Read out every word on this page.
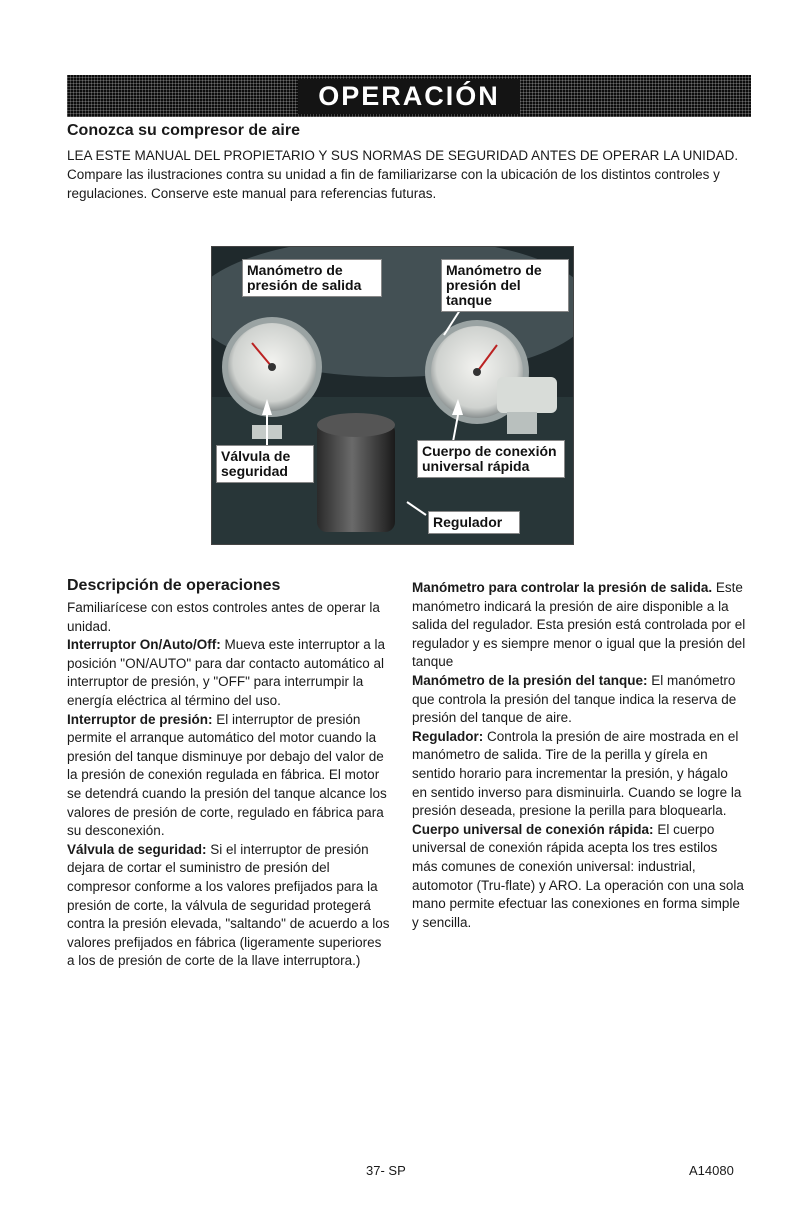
OPERACIÓN
Conozca su compresor de aire

LEA ESTE MANUAL DEL PROPIETARIO Y SUS NORMAS DE SEGURIDAD ANTES DE OPERAR LA UNIDAD. Compare las ilustraciones contra su unidad a fin de familiarizarse con la ubicación de los distintos controles y regulaciones. Conserve este manual para referencias futuras.

Manómetro de presión de salida
Manómetro de presión del tanque
Válvula de seguridad
Cuerpo de conexión universal rápida
Regulador
Descripción de operaciones

Familiarícese con estos controles antes de operar la unidad.

Interruptor On/Auto/Off: Mueva este interruptor a la posición "ON/AUTO" para dar contacto automático al interruptor de presión, y "OFF" para interrumpir la energía eléctrica al término del uso.

Interruptor de presión: El interruptor de presión permite el arranque automático del motor cuando la presión del tanque disminuye por debajo del valor de la presión de conexión regulada en fábrica. El motor se detendrá cuando la presión del tanque alcance los valores de presión de corte, regulado en fábrica para su desconexión.

Válvula de seguridad: Si el interruptor de presión dejara de cortar el suministro de presión del compresor conforme a los valores prefijados para la presión de corte, la válvula de seguridad protegerá contra la presión elevada, "saltando" de acuerdo a los valores prefijados en fábrica (ligeramente superiores a los de presión de corte de la llave interruptora.)

Manómetro para controlar la presión de salida. Este manómetro indicará la presión de aire disponible a la salida del regulador. Esta presión está controlada por el regulador y es siempre menor o igual que la presión del tanque

Manómetro de la presión del tanque: El manómetro que controla la presión del tanque indica la reserva de presión del tanque de aire.

Regulador: Controla la presión de aire mostrada en el manómetro de salida. Tire de la perilla y gírela en sentido horario para incrementar la presión, y hágalo en sentido inverso para disminuirla. Cuando se logre la presión deseada, presione la perilla para bloquearla.

Cuerpo universal de conexión rápida: El cuerpo universal de conexión rápida acepta los tres estilos más comunes de conexión universal: industrial, automotor (Tru-flate) y ARO. La operación con una sola mano permite efectuar las conexiones en forma simple y sencilla.

37- SP	A14080
